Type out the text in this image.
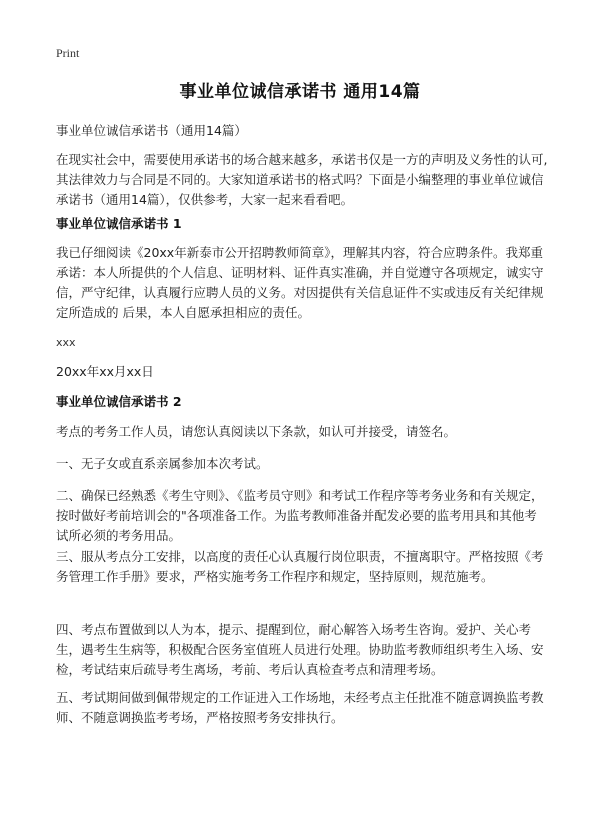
Print
事业单位诚信承诺书 通用14篇

事业单位诚信承诺书（通用14篇）

在现实社会中，需要使用承诺书的场合越来越多，承诺书仅是一方的声明及义务性的认可,其法律效力与合同是不同的。大家知道承诺书的格式吗？下面是小编整理的事业单位诚信承诺书（通用14篇），仅供参考，大家一起来看看吧。

事业单位诚信承诺书 1

我已仔细阅读《20xx年新泰市公开招聘教师简章》，理解其内容，符合应聘条件。我郑重承诺：本人所提供的个人信息、证明材料、证件真实准确，并自觉遵守各项规定，诚实守信，严守纪律，认真履行应聘人员的义务。对因提供有关信息证件不实或违反有关纪律规定所造成的 后果，本人自愿承担相应的责任。

xxx

20xx年xx月xx日

事业单位诚信承诺书 2

考点的考务工作人员，请您认真阅读以下条款，如认可并接受，请签名。

一、无子女或直系亲属参加本次考试。

二、确保已经熟悉《考生守则》、《监考员守则》和考试工作程序等考务业务和有关规定，按时做好考前培训会的"各项准备工作。为监考教师准备并配发必要的监考用具和其他考试所必须的考务用品。

三、服从考点分工安排，以高度的责任心认真履行岗位职责，不擅离职守。严格按照《考务管理工作手册》要求，严格实施考务工作程序和规定，坚持原则，规范施考。

四、考点布置做到以人为本，提示、提醒到位，耐心解答入场考生咨询。爱护、关心考生，遇考生生病等，积极配合医务室值班人员进行处理。协助监考教师组织考生入场、安检，考试结束后疏导考生离场，考前、考后认真检查考点和清理考场。

五、考试期间做到佩带规定的工作证进入工作场地，未经考点主任批准不随意调换监考教师、不随意调换监考考场，严格按照考务安排执行。
